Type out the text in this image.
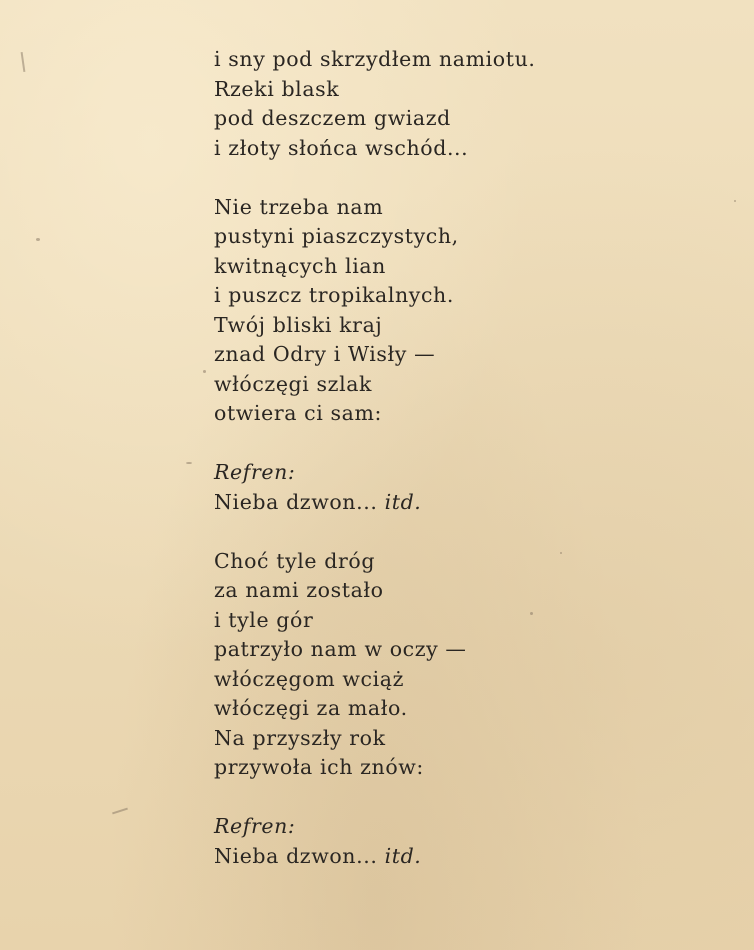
i sny pod skrzydłem namiotu.
Rzeki blask
pod deszczem gwiazd
i złoty słońca wschód...
Nie trzeba nam
pustyni piaszczystych,
kwitnących lian
i puszcz tropikalnych.
Twój bliski kraj
znad Odry i Wisły —
włóczęgi szlak
otwiera ci sam:
Refren:
Nieba dzwon... itd.
Choć tyle dróg
za nami zostało
i tyle gór
patrzyło nam w oczy —
włóczęgom wciąż
włóczęgi za mało.
Na przyszły rok
przywoła ich znów:
Refren:
Nieba dzwon... itd.
